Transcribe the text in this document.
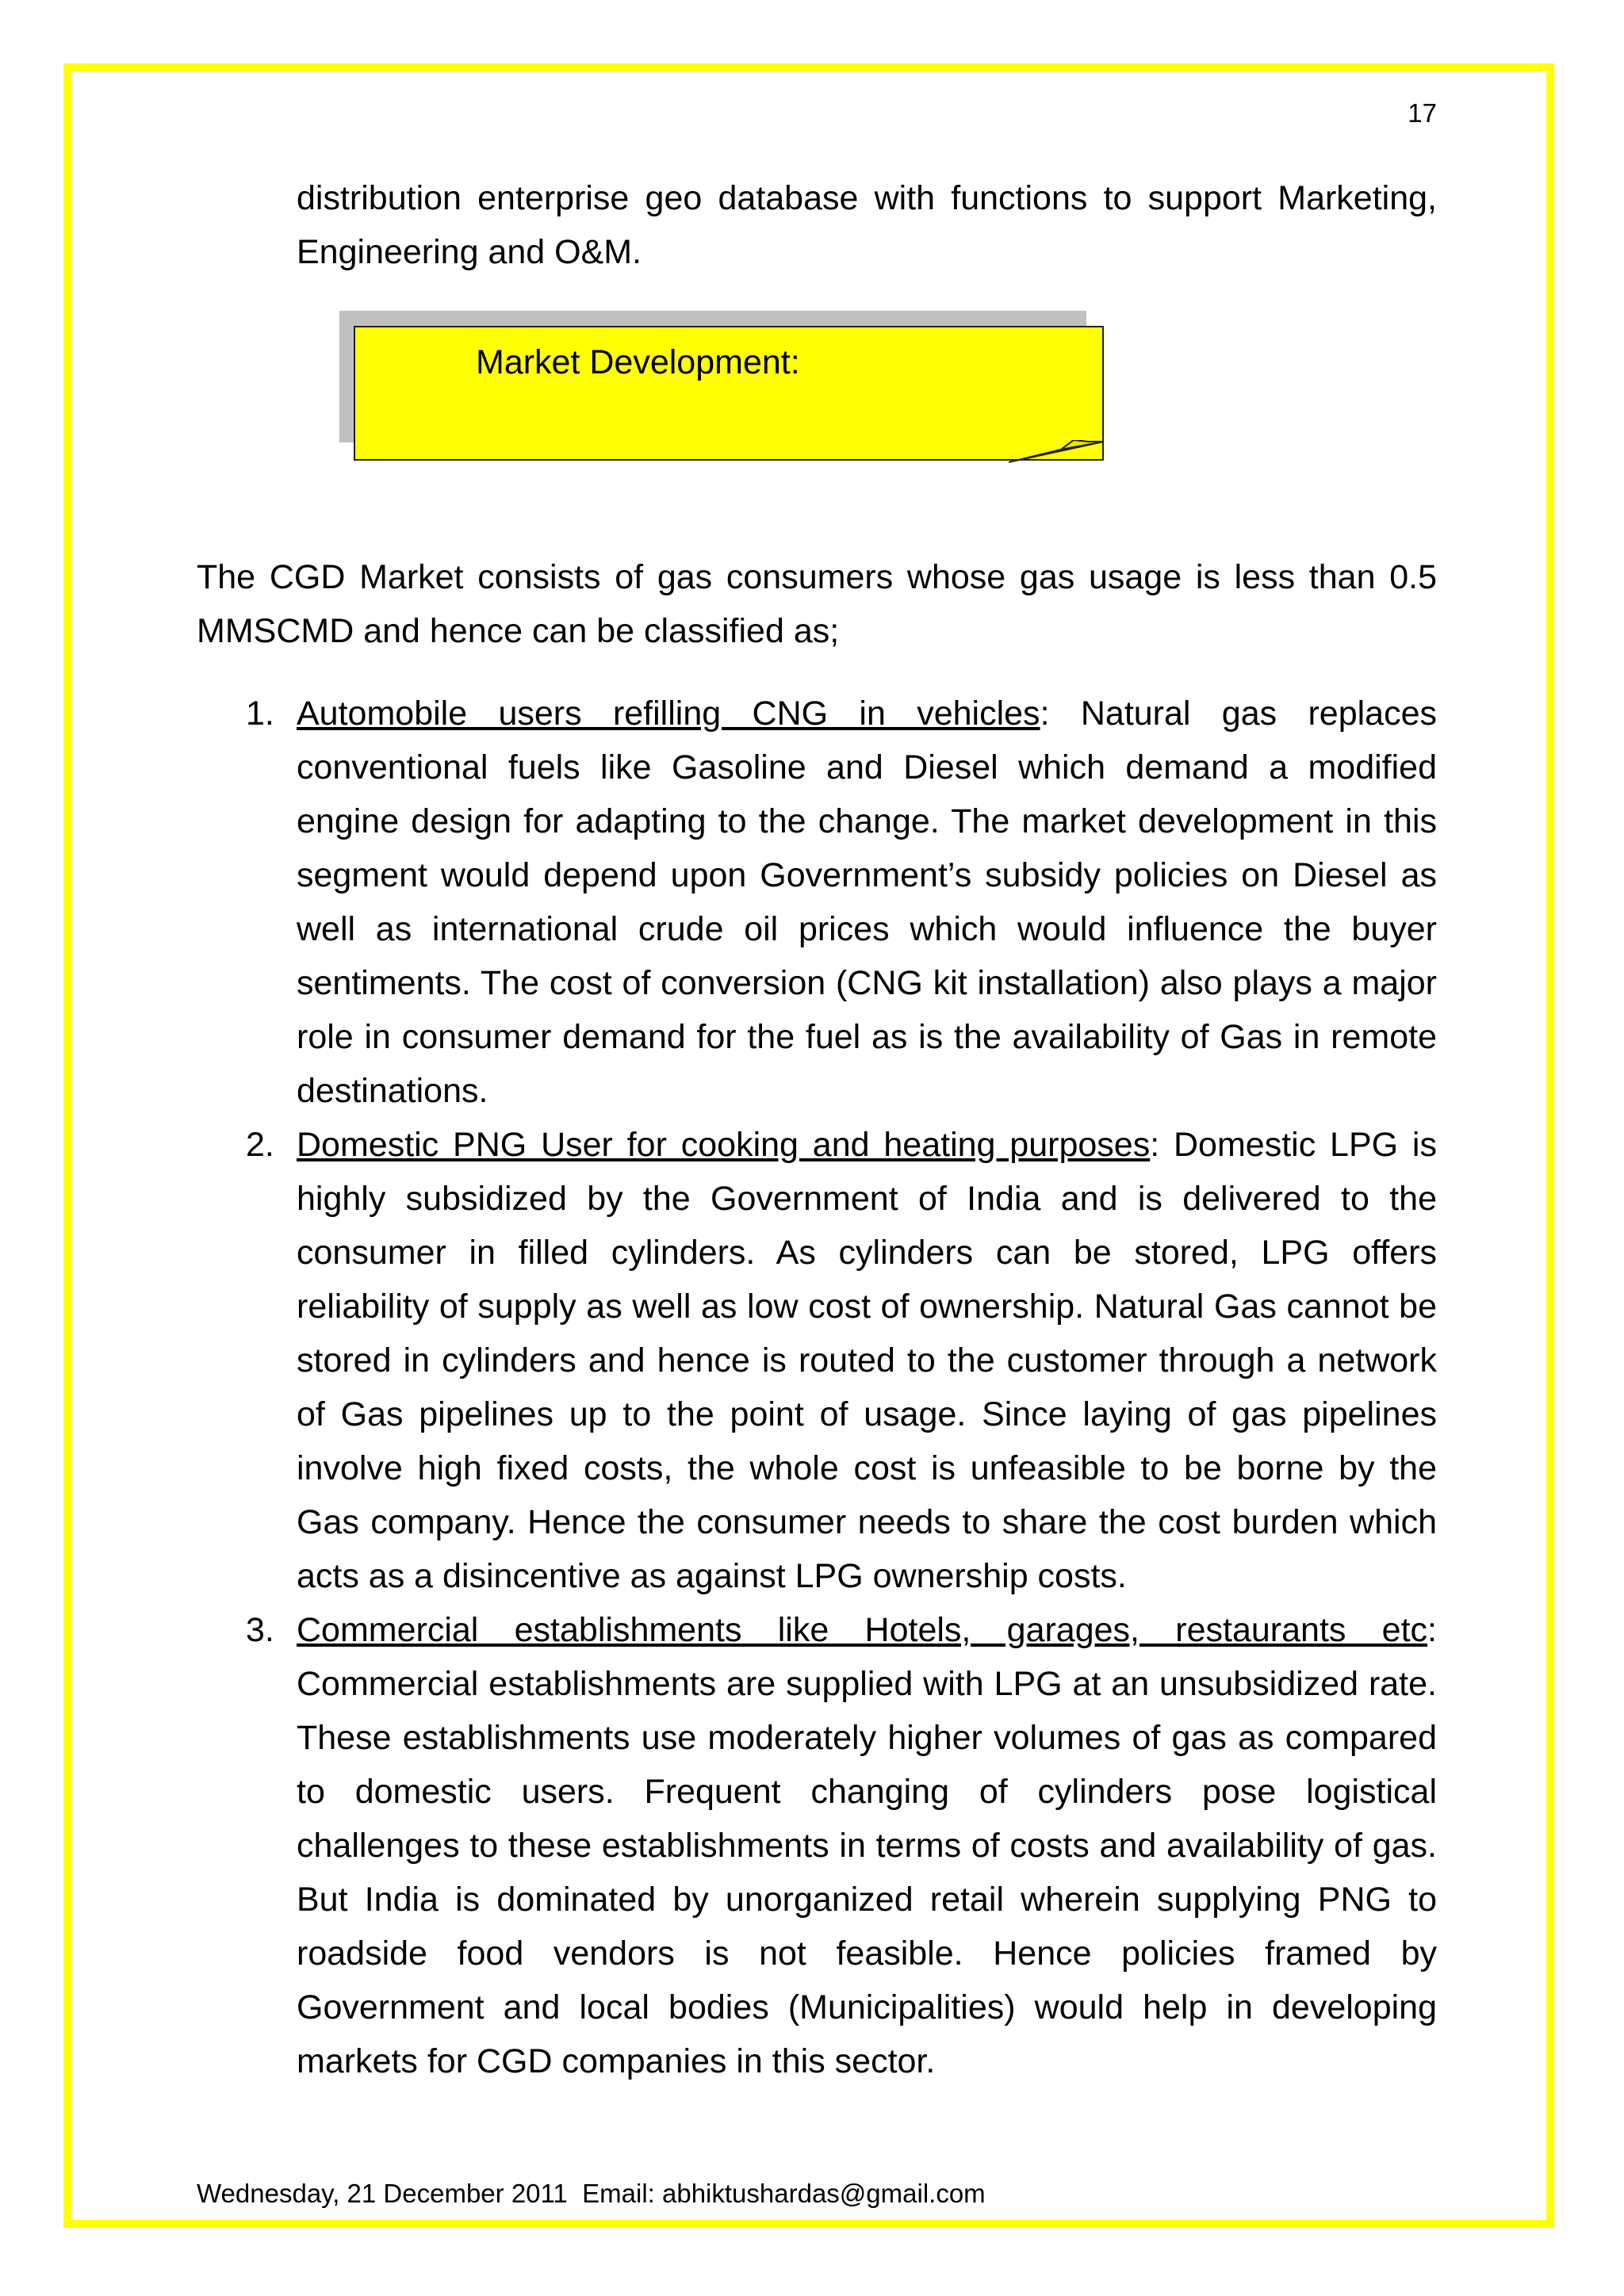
17

distribution enterprise geo database with functions to support Marketing, Engineering and O&M.

Market Development:

The CGD Market consists of gas consumers whose gas usage is less than 0.5 MMSCMD and hence can be classified as;

1. Automobile users refilling CNG in vehicles: Natural gas replaces conventional fuels like Gasoline and Diesel which demand a modified engine design for adapting to the change. The market development in this segment would depend upon Government’s subsidy policies on Diesel as well as international crude oil prices which would influence the buyer sentiments. The cost of conversion (CNG kit installation) also plays a major role in consumer demand for the fuel as is the availability of Gas in remote destinations.
2. Domestic PNG User for cooking and heating purposes: Domestic LPG is highly subsidized by the Government of India and is delivered to the consumer in filled cylinders. As cylinders can be stored, LPG offers reliability of supply as well as low cost of ownership. Natural Gas cannot be stored in cylinders and hence is routed to the customer through a network of Gas pipelines up to the point of usage. Since laying of gas pipelines involve high fixed costs, the whole cost is unfeasible to be borne by the Gas company. Hence the consumer needs to share the cost burden which acts as a disincentive as against LPG ownership costs.
3. Commercial establishments like Hotels, garages, restaurants etc: Commercial establishments are supplied with LPG at an unsubsidized rate. These establishments use moderately higher volumes of gas as compared to domestic users. Frequent changing of cylinders pose logistical challenges to these establishments in terms of costs and availability of gas. But India is dominated by unorganized retail wherein supplying PNG to roadside food vendors is not feasible. Hence policies framed by Government and local bodies (Municipalities) would help in developing markets for CGD companies in this sector.
Wednesday, 21 December 2011 Email: abhiktushardas@gmail.com
